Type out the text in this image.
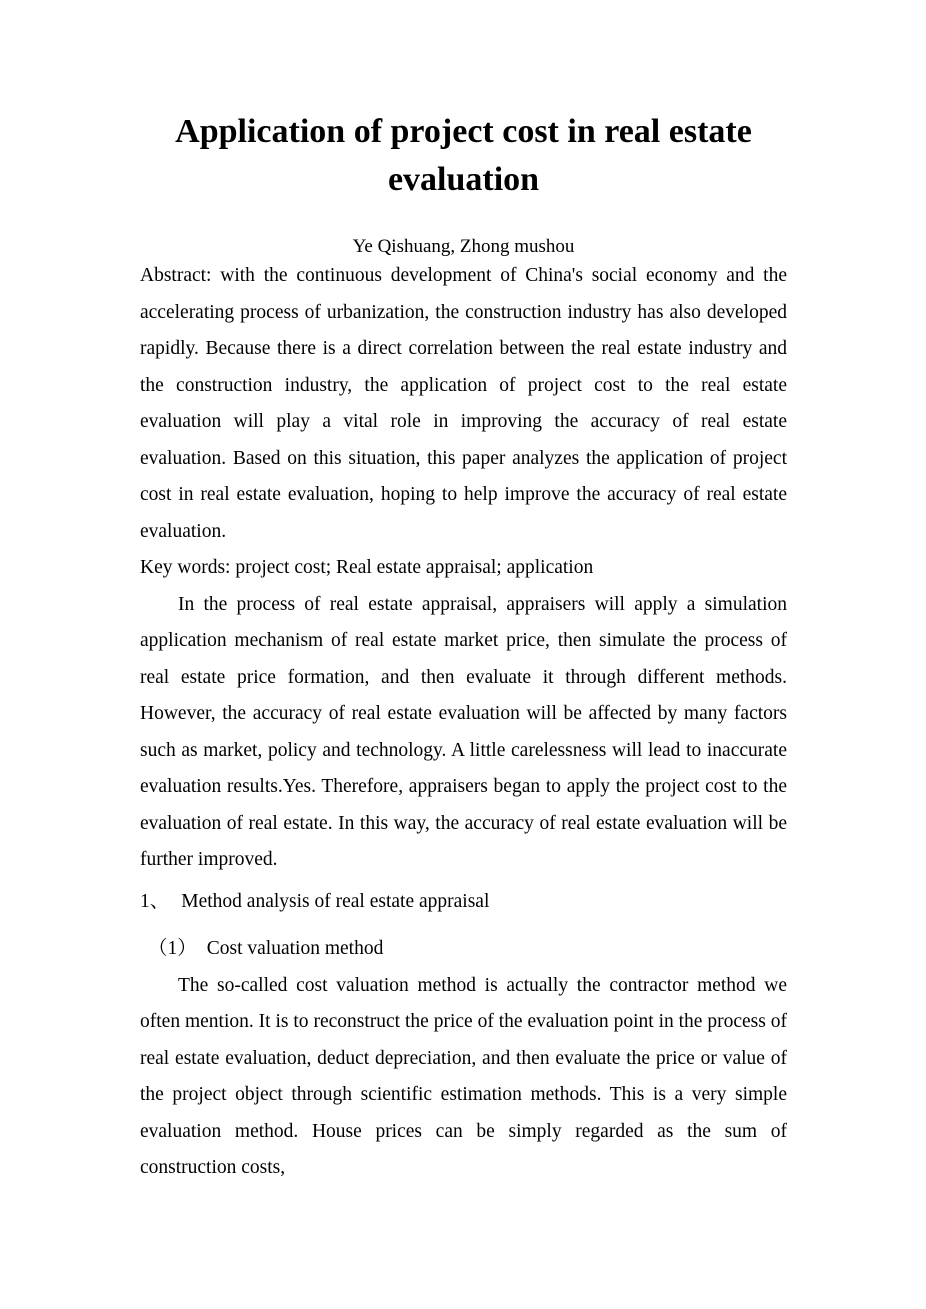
Application of project cost in real estate evaluation
Ye Qishuang, Zhong mushou

Abstract: with the continuous development of China's social economy and the accelerating process of urbanization, the construction industry has also developed rapidly. Because there is a direct correlation between the real estate industry and the construction industry, the application of project cost to the real estate evaluation will play a vital role in improving the accuracy of real estate evaluation. Based on this situation, this paper analyzes the application of project cost in real estate evaluation, hoping to help improve the accuracy of real estate evaluation.

Key words: project cost; Real estate appraisal; application

In the process of real estate appraisal, appraisers will apply a simulation application mechanism of real estate market price, then simulate the process of real estate price formation, and then evaluate it through different methods. However, the accuracy of real estate evaluation will be affected by many factors such as market, policy and technology. A little carelessness will lead to inaccurate evaluation results.Yes. Therefore, appraisers began to apply the project cost to the evaluation of real estate. In this way, the accuracy of real estate evaluation will be further improved.

1、 Method analysis of real estate appraisal
（1） Cost valuation method

The so-called cost valuation method is actually the contractor method we often mention. It is to reconstruct the price of the evaluation point in the process of real estate evaluation, deduct depreciation, and then evaluate the price or value of the project object through scientific estimation methods. This is a very simple evaluation method. House prices can be simply regarded as the sum of construction costs,
